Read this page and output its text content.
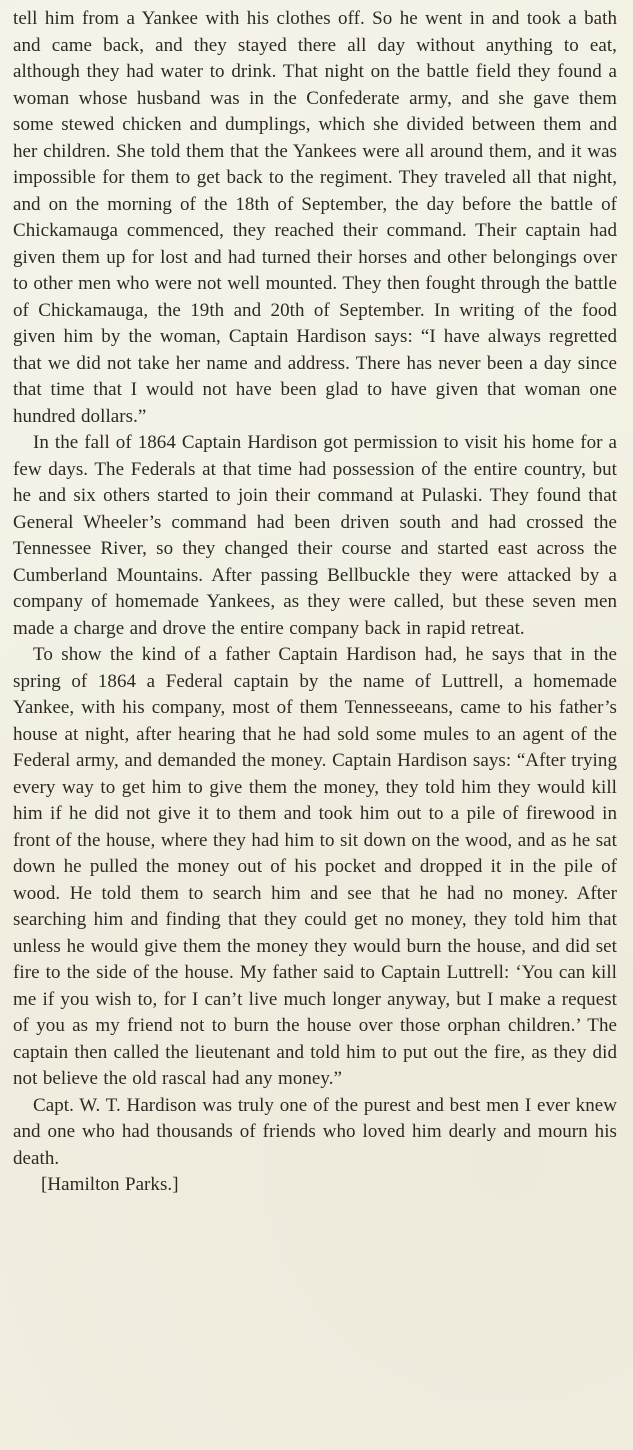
tell him from a Yankee with his clothes off. So he went in and took a bath and came back, and they stayed there all day without anything to eat, although they had water to drink. That night on the battle field they found a woman whose husband was in the Confederate army, and she gave them some stewed chicken and dumplings, which she divided between them and her children. She told them that the Yankees were all around them, and it was impossible for them to get back to the regiment. They traveled all that night, and on the morning of the 18th of September, the day before the battle of Chickamauga commenced, they reached their command. Their captain had given them up for lost and had turned their horses and other belongings over to other men who were not well mounted. They then fought through the battle of Chickamauga, the 19th and 20th of September. In writing of the food given him by the woman, Captain Hardison says: “I have always regretted that we did not take her name and address. There has never been a day since that time that I would not have been glad to have given that woman one hundred dollars.”

In the fall of 1864 Captain Hardison got permission to visit his home for a few days. The Federals at that time had possession of the entire country, but he and six others started to join their command at Pulaski. They found that General Wheeler’s command had been driven south and had crossed the Tennessee River, so they changed their course and started east across the Cumberland Mountains. After passing Bellbuckle they were attacked by a company of homemade Yankees, as they were called, but these seven men made a charge and drove the entire company back in rapid retreat.

To show the kind of a father Captain Hardison had, he says that in the spring of 1864 a Federal captain by the name of Luttrell, a homemade Yankee, with his company, most of them Tennesseeans, came to his father’s house at night, after hearing that he had sold some mules to an agent of the Federal army, and demanded the money. Captain Hardison says: “After trying every way to get him to give them the money, they told him they would kill him if he did not give it to them and took him out to a pile of firewood in front of the house, where they had him to sit down on the wood, and as he sat down he pulled the money out of his pocket and dropped it in the pile of wood. He told them to search him and see that he had no money. After searching him and finding that they could get no money, they told him that unless he would give them the money they would burn the house, and did set fire to the side of the house. My father said to Captain Luttrell: ‘You can kill me if you wish to, for I can’t live much longer anyway, but I make a request of you as my friend not to burn the house over those orphan children.’ The captain then called the lieutenant and told him to put out the fire, as they did not believe the old rascal had any money.”

Capt. W. T. Hardison was truly one of the purest and best men I ever knew and one who had thousands of friends who loved him dearly and mourn his death.

[Hamilton Parks.]
